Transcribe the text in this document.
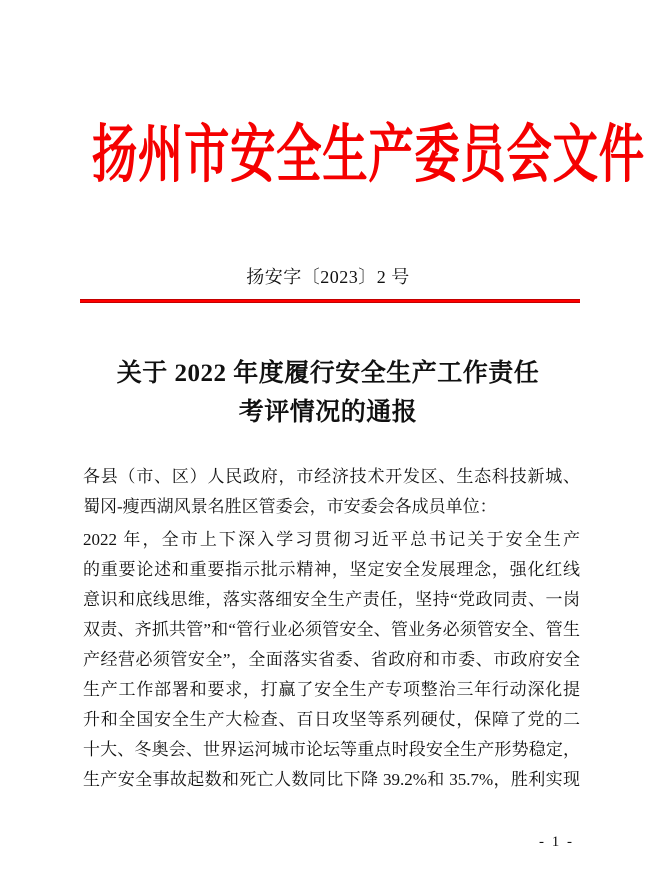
扬州市安全生产委员会文件
扬安字〔2023〕2 号
关于 2022 年度履行安全生产工作责任
考评情况的通报
各县（市、区）人民政府，市经济技术开发区、生态科技新城、
蜀冈-瘦西湖风景名胜区管委会，市安委会各成员单位：
2022 年，全市上下深入学习贯彻习近平总书记关于安全生产
的重要论述和重要指示批示精神，坚定安全发展理念，强化红线
意识和底线思维，落实落细安全生产责任，坚持“党政同责、一岗
双责、齐抓共管”和“管行业必须管安全、管业务必须管安全、管生
产经营必须管安全”，全面落实省委、省政府和市委、市政府安全
生产工作部署和要求，打赢了安全生产专项整治三年行动深化提
升和全国安全生产大检查、百日攻坚等系列硬仗，保障了党的二
十大、冬奥会、世界运河城市论坛等重点时段安全生产形势稳定，
生产安全事故起数和死亡人数同比下降 39.2%和 35.7%，胜利实现
- 1 -
